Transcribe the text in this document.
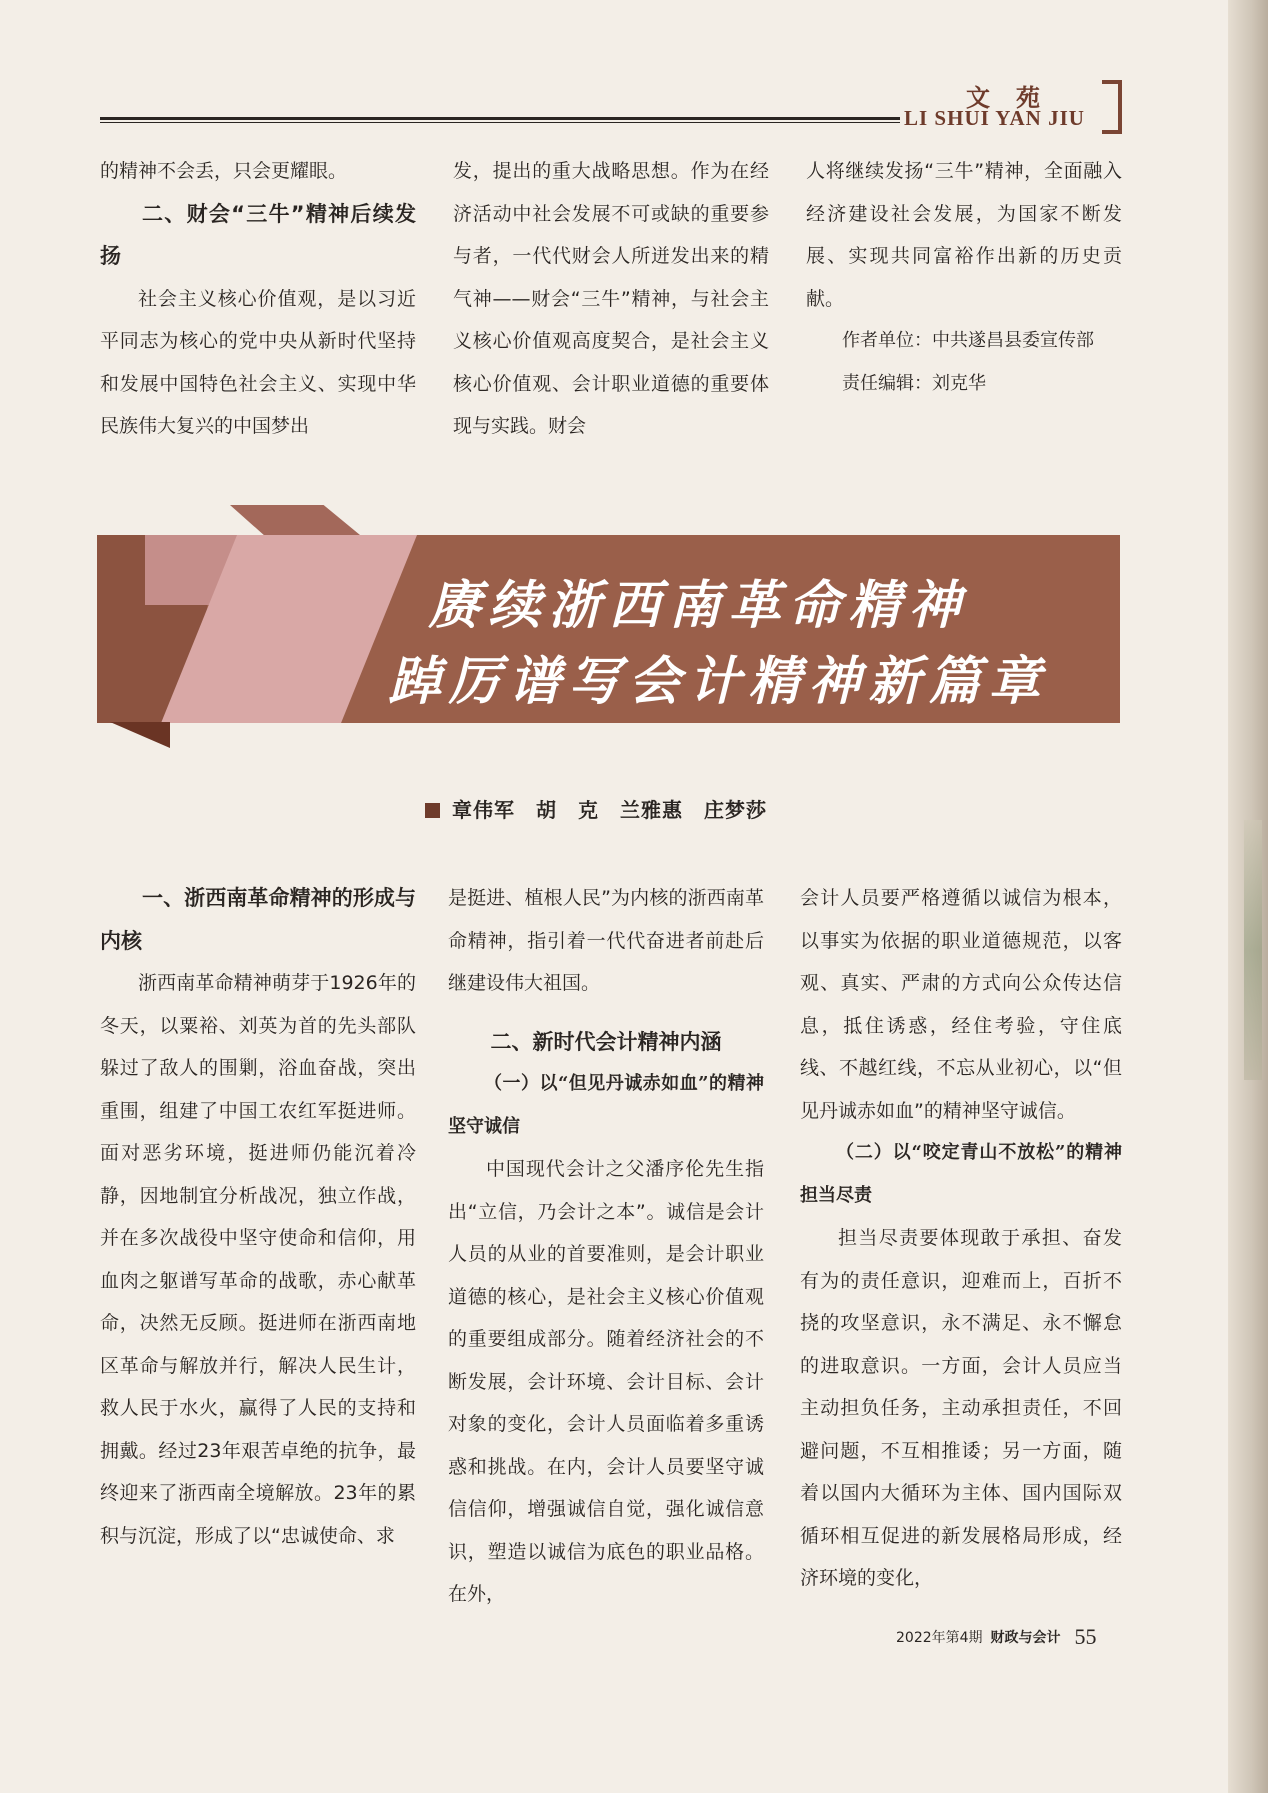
文苑
LI SHUI YAN JIU

的精神不会丢，只会更耀眼。

二、财会“三牛”精神后续发扬

社会主义核心价值观，是以习近平同志为核心的党中央从新时代坚持和发展中国特色社会主义、实现中华民族伟大复兴的中国梦出

发，提出的重大战略思想。作为在经济活动中社会发展不可或缺的重要参与者，一代代财会人所迸发出来的精气神——财会“三牛”精神，与社会主义核心价值观高度契合，是社会主义核心价值观、会计职业道德的重要体现与实践。财会

人将继续发扬“三牛”精神，全面融入经济建设社会发展，为国家不断发展、实现共同富裕作出新的历史贡献。

作者单位：中共遂昌县委宣传部

责任编辑：刘克华

赓续浙西南革命精神
踔厉谱写会计精神新篇章
章伟军　胡　克　兰雅惠　庄梦莎
一、浙西南革命精神的形成与内核

浙西南革命精神萌芽于1926年的冬天，以粟裕、刘英为首的先头部队躲过了敌人的围剿，浴血奋战，突出重围，组建了中国工农红军挺进师。面对恶劣环境，挺进师仍能沉着冷静，因地制宜分析战况，独立作战，并在多次战役中坚守使命和信仰，用血肉之躯谱写革命的战歌，赤心献革命，决然无反顾。挺进师在浙西南地区革命与解放并行，解决人民生计，救人民于水火，赢得了人民的支持和拥戴。经过23年艰苦卓绝的抗争，最终迎来了浙西南全境解放。23年的累积与沉淀，形成了以“忠诚使命、求

是挺进、植根人民”为内核的浙西南革命精神，指引着一代代奋进者前赴后继建设伟大祖国。

二、新时代会计精神内涵

（一）以“但见丹诚赤如血”的精神坚守诚信

中国现代会计之父潘序伦先生指出“立信，乃会计之本”。诚信是会计人员的从业的首要准则，是会计职业道德的核心，是社会主义核心价值观的重要组成部分。随着经济社会的不断发展，会计环境、会计目标、会计对象的变化，会计人员面临着多重诱惑和挑战。在内，会计人员要坚守诚信信仰，增强诚信自觉，强化诚信意识，塑造以诚信为底色的职业品格。在外，

会计人员要严格遵循以诚信为根本，以事实为依据的职业道德规范，以客观、真实、严肃的方式向公众传达信息，抵住诱惑，经住考验，守住底线、不越红线，不忘从业初心，以“但见丹诚赤如血”的精神坚守诚信。

（二）以“咬定青山不放松”的精神担当尽责

担当尽责要体现敢于承担、奋发有为的责任意识，迎难而上，百折不挠的攻坚意识，永不满足、永不懈怠的进取意识。一方面，会计人员应当主动担负任务，主动承担责任，不回避问题，不互相推诿；另一方面，随着以国内大循环为主体、国内国际双循环相互促进的新发展格局形成，经济环境的变化，

2022年第4期 财政与会计 55
